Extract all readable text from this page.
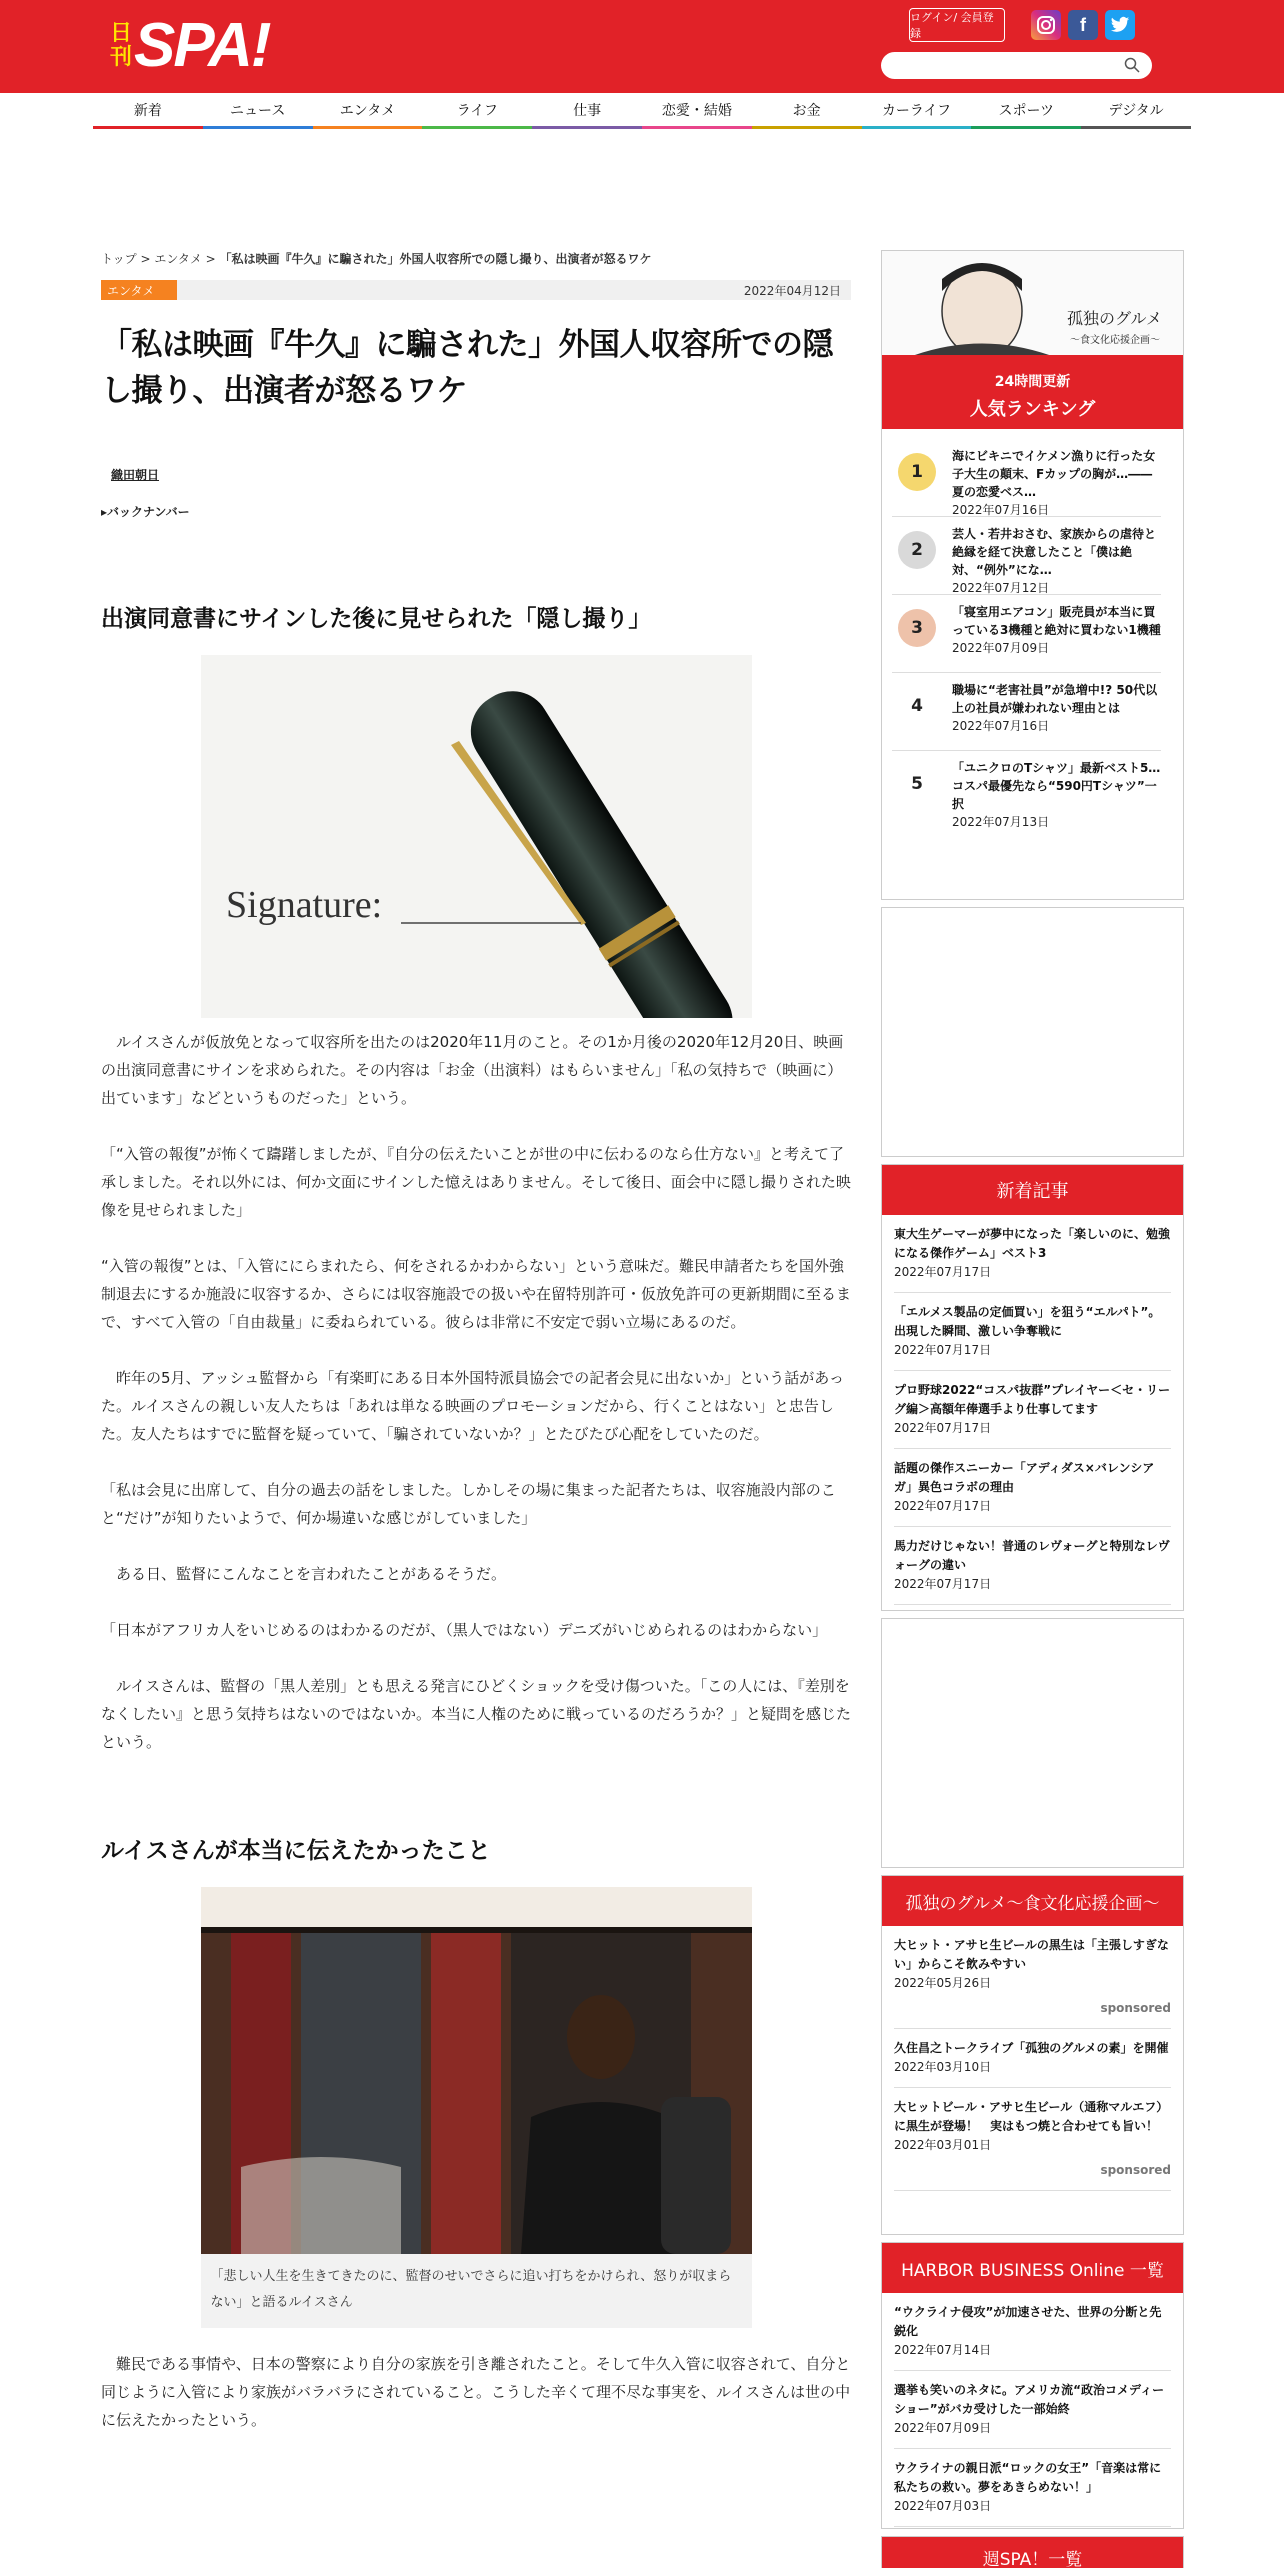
日
刊 SPA!	ログイン/ 会員登録	f
新着	ニュース	エンタメ	ライフ	仕事	恋愛・結婚	お金	カーライフ	スポーツ	デジタル
トップ > エンタメ > 「私は映画『牛久』に騙された」外国人収容所での隠し撮り、出演者が怒るワケ
エンタメ	2022年04月12日
「私は映画『牛久』に騙された」外国人収容所での隠し撮り、出演者が怒るワケ
織田朝日
▸バックナンバー
出演同意書にサインした後に見せられた「隠し撮り」
Signature:

　ルイスさんが仮放免となって収容所を出たのは2020年11月のこと。その1か月後の2020年12月20日、映画の出演同意書にサインを求められた。その内容は「お金（出演料）はもらいません」「私の気持ちで（映画に）出ています」などというものだった」という。

「“入管の報復”が怖くて躊躇しましたが、『自分の伝えたいことが世の中に伝わるのなら仕方ない』と考えて了承しました。それ以外には、何か文面にサインした憶えはありません。そして後日、面会中に隠し撮りされた映像を見せられました」

“入管の報復”とは、「入管ににらまれたら、何をされるかわからない」という意味だ。難民申請者たちを国外強制退去にするか施設に収容するか、さらには収容施設での扱いや在留特別許可・仮放免許可の更新期間に至るまで、すべて入管の「自由裁量」に委ねられている。彼らは非常に不安定で弱い立場にあるのだ。

　昨年の5月、アッシュ監督から「有楽町にある日本外国特派員協会での記者会見に出ないか」という話があった。ルイスさんの親しい友人たちは「あれは単なる映画のプロモーションだから、行くことはない」と忠告した。友人たちはすでに監督を疑っていて、「騙されていないか？」とたびたび心配をしていたのだ。

「私は会見に出席して、自分の過去の話をしました。しかしその場に集まった記者たちは、収容施設内部のこと“だけ”が知りたいようで、何か場違いな感じがしていました」

　ある日、監督にこんなことを言われたことがあるそうだ。

「日本がアフリカ人をいじめるのはわかるのだが、（黒人ではない）デニズがいじめられるのはわからない」

　ルイスさんは、監督の「黒人差別」とも思える発言にひどくショックを受け傷ついた。「この人には、『差別をなくしたい』と思う気持ちはないのではないか。本当に人権のために戦っているのだろうか？」と疑問を感じたという。

ルイスさんが本当に伝えたかったこと
「悲しい人生を生きてきたのに、監督のせいでさらに追い打ちをかけられ、怒りが収まらない」と語るルイスさん

　難民である事情や、日本の警察により自分の家族を引き離されたこと。そして牛久入管に収容されて、自分と同じように入管により家族がバラバラにされていること。こうした辛くて理不尽な事実を、ルイスさんは世の中に伝えたかったという。

孤独のグルメ
〜食文化応援企画〜
24時間更新
人気ランキング
1
海にビキニでイケメン漁りに行った女子大生の顛末、Fカップの胸が…――夏の恋愛ベス…
2022年07月16日
2
芸人・若井おさむ、家族からの虐待と絶縁を経て決意したこと「僕は絶対、“例外”にな…
2022年07月12日
3
「寝室用エアコン」販売員が本当に買っている3機種と絶対に買わない1機種
2022年07月09日
4
職場に“老害社員”が急増中!? 50代以上の社員が嫌われない理由とは
2022年07月16日
5
「ユニクロのTシャツ」最新ベスト5…コスパ最優先なら“590円Tシャツ”一択
2022年07月13日
新着記事
東大生ゲーマーが夢中になった「楽しいのに、勉強になる傑作ゲーム」ベスト3
2022年07月17日
「エルメス製品の定価買い」を狙う“エルパト”。出現した瞬間、激しい争奪戦に
2022年07月17日
プロ野球2022“コスパ抜群”プレイヤー＜セ・リーグ編＞高額年俸選手より仕事してます
2022年07月17日
話題の傑作スニーカー「アディダス×バレンシアガ」異色コラボの理由
2022年07月17日
馬力だけじゃない！普通のレヴォーグと特別なレヴォーグの違い
2022年07月17日
孤独のグルメ～食文化応援企画～
大ヒット・アサヒ生ビールの黒生は「主張しすぎない」からこそ飲みやすい
2022年05月26日
sponsored
久住昌之トークライブ「孤独のグルメの素」を開催
2022年03月10日
大ヒットビール・アサヒ生ビール（通称マルエフ）に黒生が登場！　実はもつ焼と合わせても旨い！
2022年03月01日
sponsored
HARBOR BUSINESS Online 一覧
“ウクライナ侵攻”が加速させた、世界の分断と先鋭化
2022年07月14日
選挙も笑いのネタに。アメリカ流“政治コメディーショー”がバカ受けした一部始終
2022年07月09日
ウクライナの親日派“ロックの女王”「音楽は常に私たちの救い。夢をあきらめない！」
2022年07月03日
週SPA！一覧
